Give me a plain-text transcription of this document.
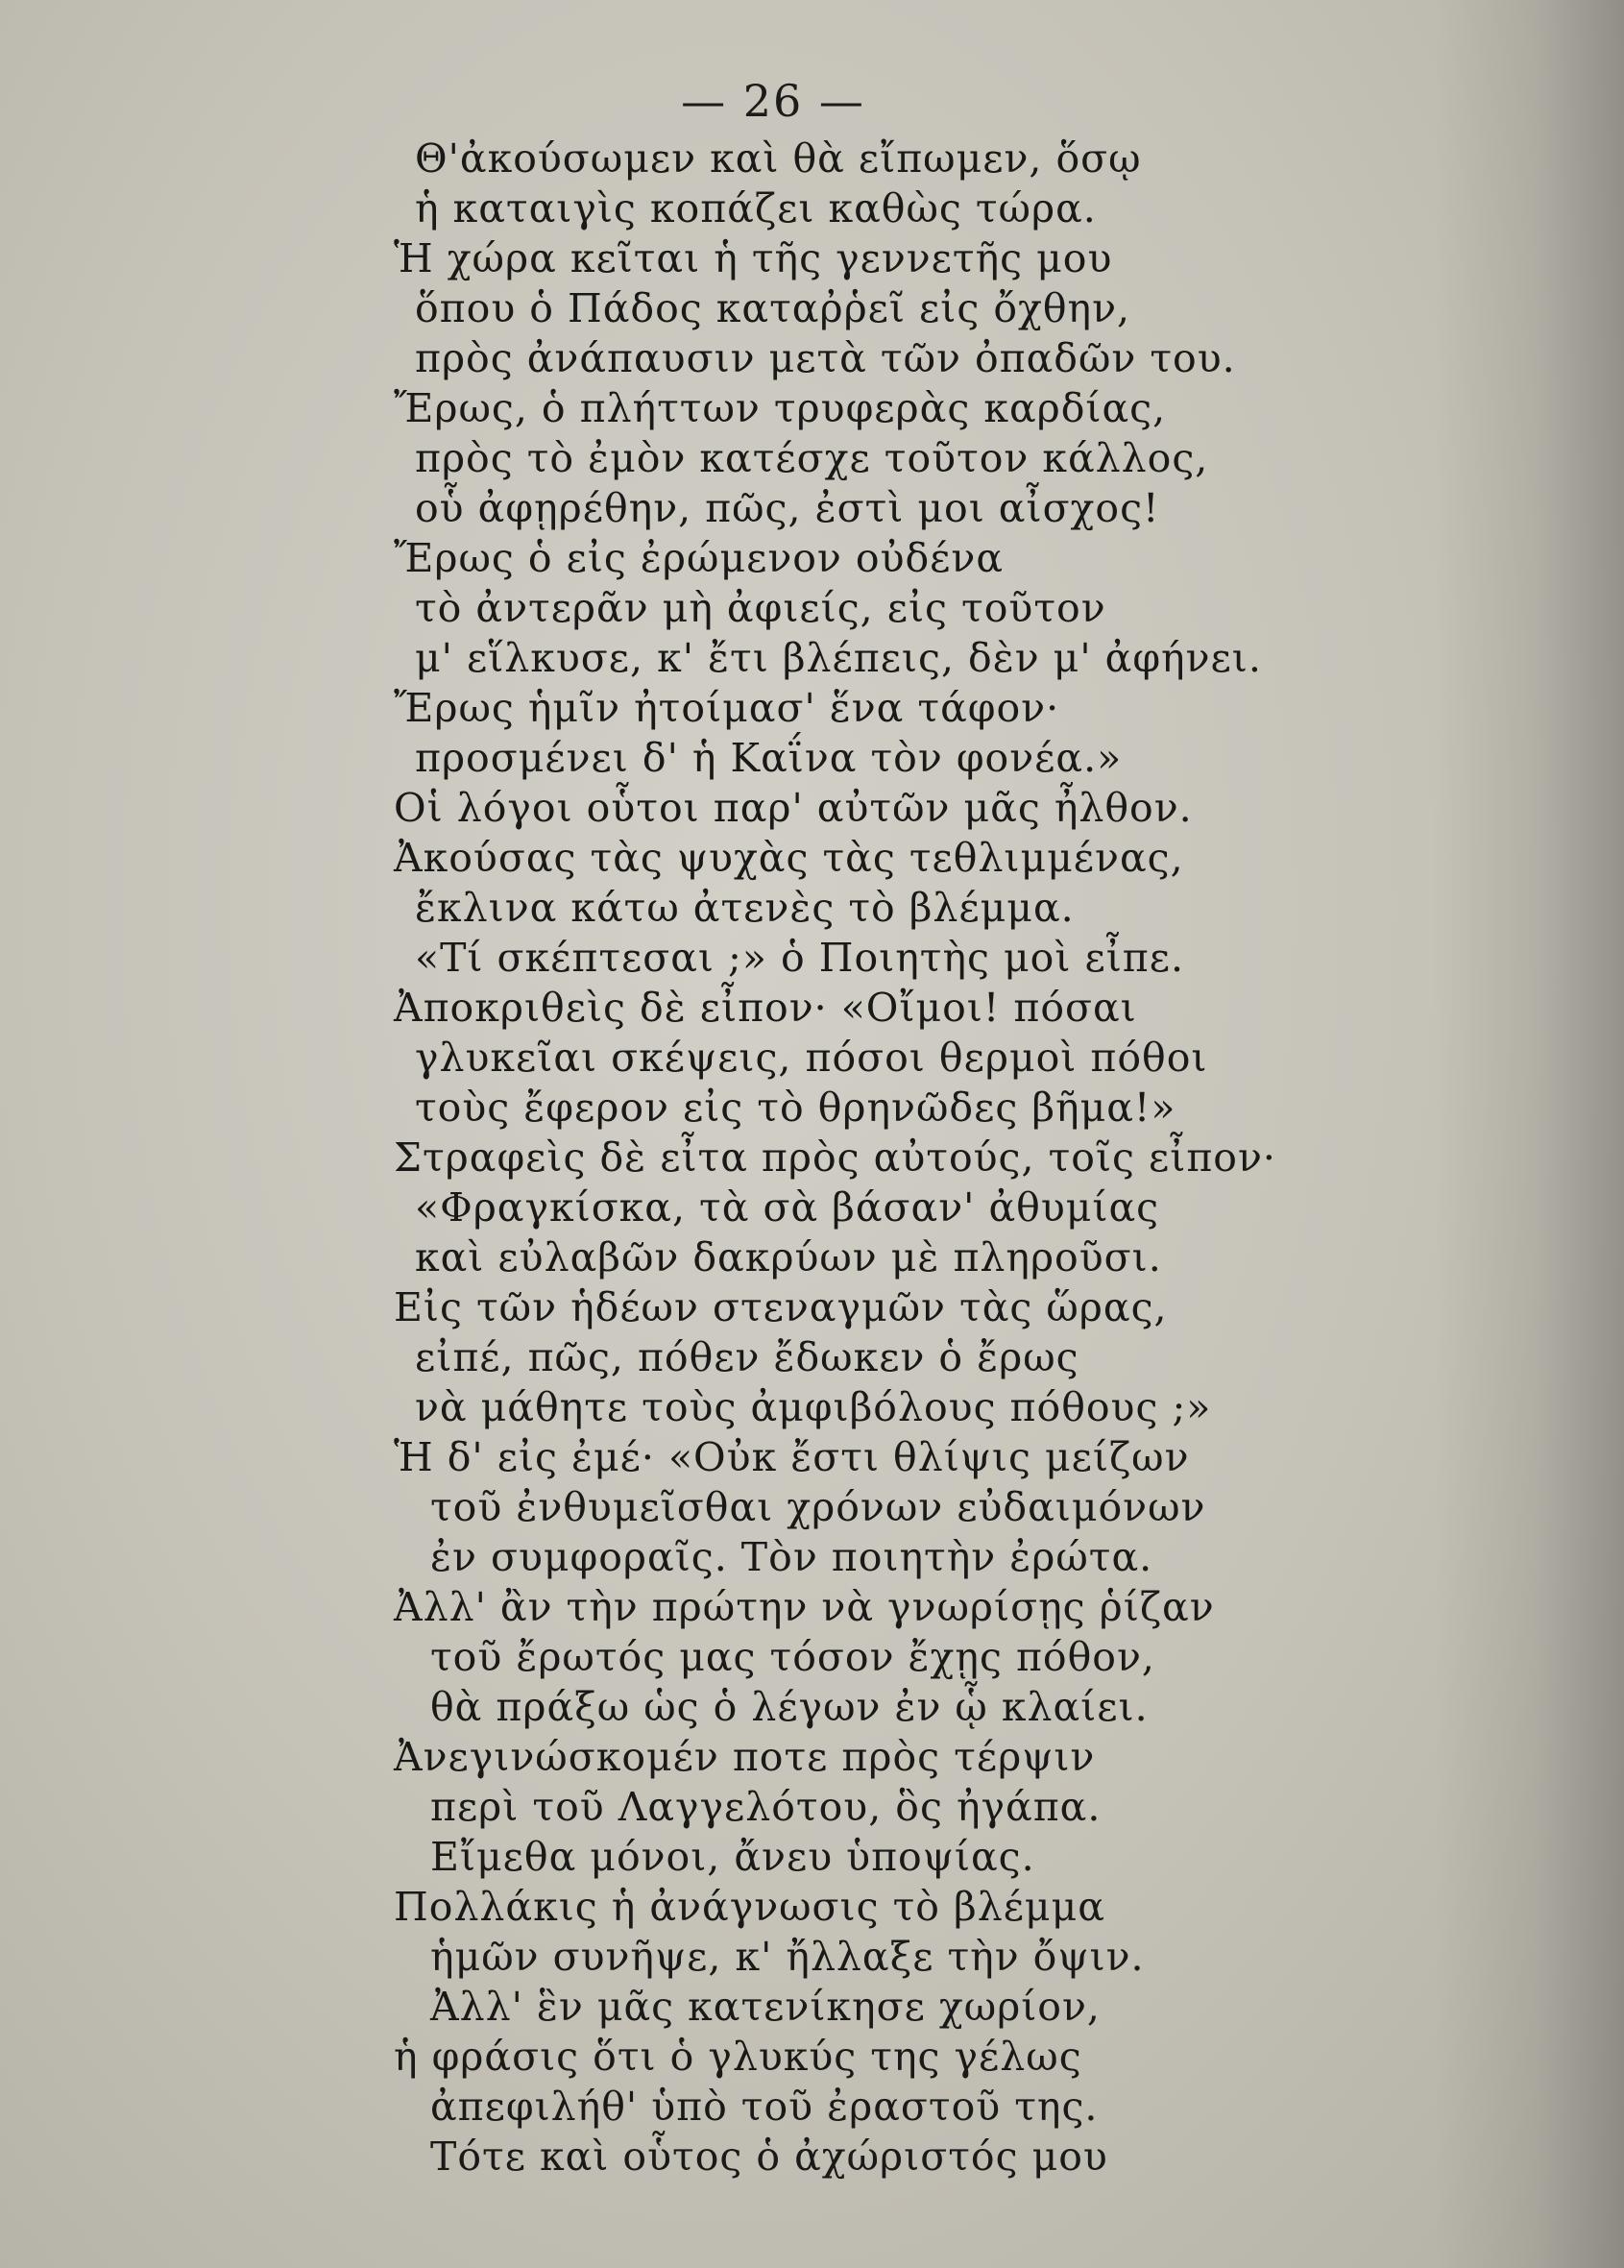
— 26 —
Θ'ἀκούσωμεν καὶ θὰ εἴπωμεν, ὅσῳ
ἡ καταιγὶς κοπάζει καθὼς τώρα.
Ἡ χώρα κεῖται ἡ τῆς γεννετῆς μου
ὅπου ὁ Πάδος καταῤῥεῖ εἰς ὄχθην,
πρὸς ἀνάπαυσιν μετὰ τῶν ὀπαδῶν του.
Ἔρως, ὁ πλήττων τρυφερὰς καρδίας,
πρὸς τὸ ἐμὸν κατέσχε τοῦτον κάλλος,
οὗ ἀφῃρέθην, πῶς, ἐστὶ μοι αἶσχος!
Ἔρως ὁ εἰς ἐρώμενον οὐδένα
τὸ ἀντερᾶν μὴ ἀφιείς, εἰς τοῦτον
μ' εἵλκυσε, κ' ἔτι βλέπεις, δὲν μ' ἀφήνει.
Ἔρως ἡμῖν ἠτοίμασ' ἕνα τάφον·
προσμένει δ' ἡ Καΐνα τὸν φονέα.»
Οἱ λόγοι οὗτοι παρ' αὐτῶν μᾶς ἦλθον.
Ἀκούσας τὰς ψυχὰς τὰς τεθλιμμένας,
ἔκλινα κάτω ἀτενὲς τὸ βλέμμα.
«Τί σκέπτεσαι ;» ὁ Ποιητὴς μοὶ εἶπε.
Ἀποκριθεὶς δὲ εἶπον· «Οἴμοι! πόσαι
γλυκεῖαι σκέψεις, πόσοι θερμοὶ πόθοι
τοὺς ἔφερον εἰς τὸ θρηνῶδες βῆμα!»
Στραφεὶς δὲ εἶτα πρὸς αὐτούς, τοῖς εἶπον·
«Φραγκίσκα, τὰ σὰ βάσαν' ἀθυμίας
καὶ εὐλαβῶν δακρύων μὲ πληροῦσι.
Εἰς τῶν ἡδέων στεναγμῶν τὰς ὥρας,
εἰπέ, πῶς, πόθεν ἔδωκεν ὁ ἔρως
νὰ μάθητε τοὺς ἀμφιβόλους πόθους ;»
Ἡ δ' εἰς ἐμέ· «Οὐκ ἔστι θλίψις μείζων
τοῦ ἐνθυμεῖσθαι χρόνων εὐδαιμόνων
ἐν συμφοραῖς. Τὸν ποιητὴν ἐρώτα.
Ἀλλ' ἂν τὴν πρώτην νὰ γνωρίσῃς ῥίζαν
τοῦ ἔρωτός μας τόσον ἔχῃς πόθον,
θὰ πράξω ὡς ὁ λέγων ἐν ᾧ κλαίει.
Ἀνεγινώσκομέν ποτε πρὸς τέρψιν
περὶ τοῦ Λαγγελότου, ὃς ἠγάπα.
Εἴμεθα μόνοι, ἄνευ ὑποψίας.
Πολλάκις ἡ ἀνάγνωσις τὸ βλέμμα
ἡμῶν συνῆψε, κ' ἤλλαξε τὴν ὄψιν.
Ἀλλ' ἓν μᾶς κατενίκησε χωρίον,
ἡ φράσις ὅτι ὁ γλυκύς της γέλως
ἀπεφιλήθ' ὑπὸ τοῦ ἐραστοῦ της.
Τότε καὶ οὗτος ὁ ἀχώριστός μου
